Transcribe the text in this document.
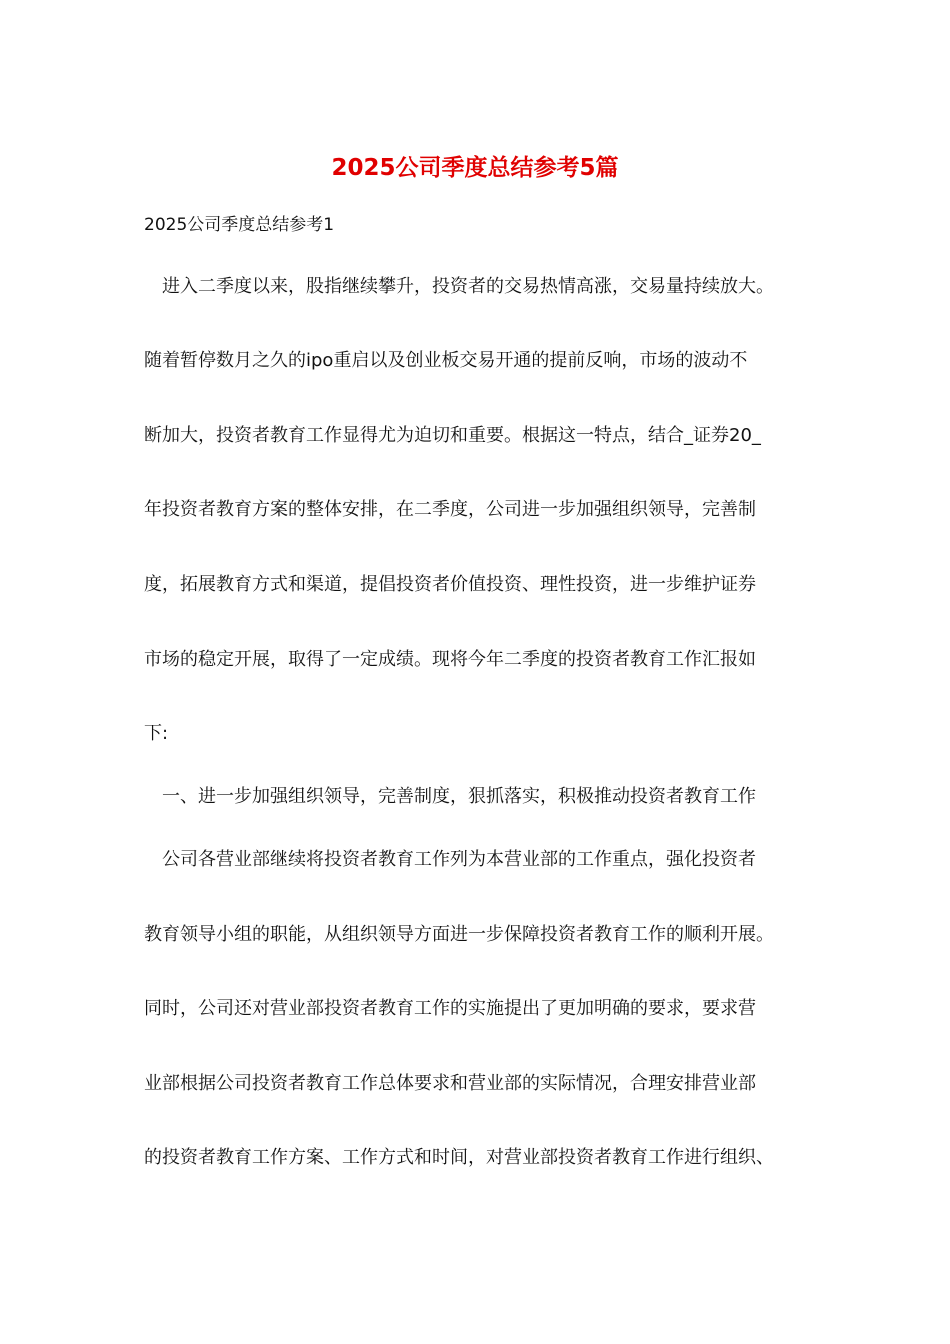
2025公司季度总结参考5篇
2025公司季度总结参考1
进入二季度以来，股指继续攀升，投资者的交易热情高涨，交易量持续放大。
随着暂停数月之久的ipo重启以及创业板交易开通的提前反响，市场的波动不
断加大，投资者教育工作显得尤为迫切和重要。根据这一特点，结合_证券20_
年投资者教育方案的整体安排，在二季度，公司进一步加强组织领导，完善制
度，拓展教育方式和渠道，提倡投资者价值投资、理性投资，进一步维护证券
市场的稳定开展，取得了一定成绩。现将今年二季度的投资者教育工作汇报如
下:
一、进一步加强组织领导，完善制度，狠抓落实，积极推动投资者教育工作
公司各营业部继续将投资者教育工作列为本营业部的工作重点，强化投资者
教育领导小组的职能，从组织领导方面进一步保障投资者教育工作的顺利开展。
同时，公司还对营业部投资者教育工作的实施提出了更加明确的要求，要求营
业部根据公司投资者教育工作总体要求和营业部的实际情况，合理安排营业部
的投资者教育工作方案、工作方式和时间，对营业部投资者教育工作进行组织、
